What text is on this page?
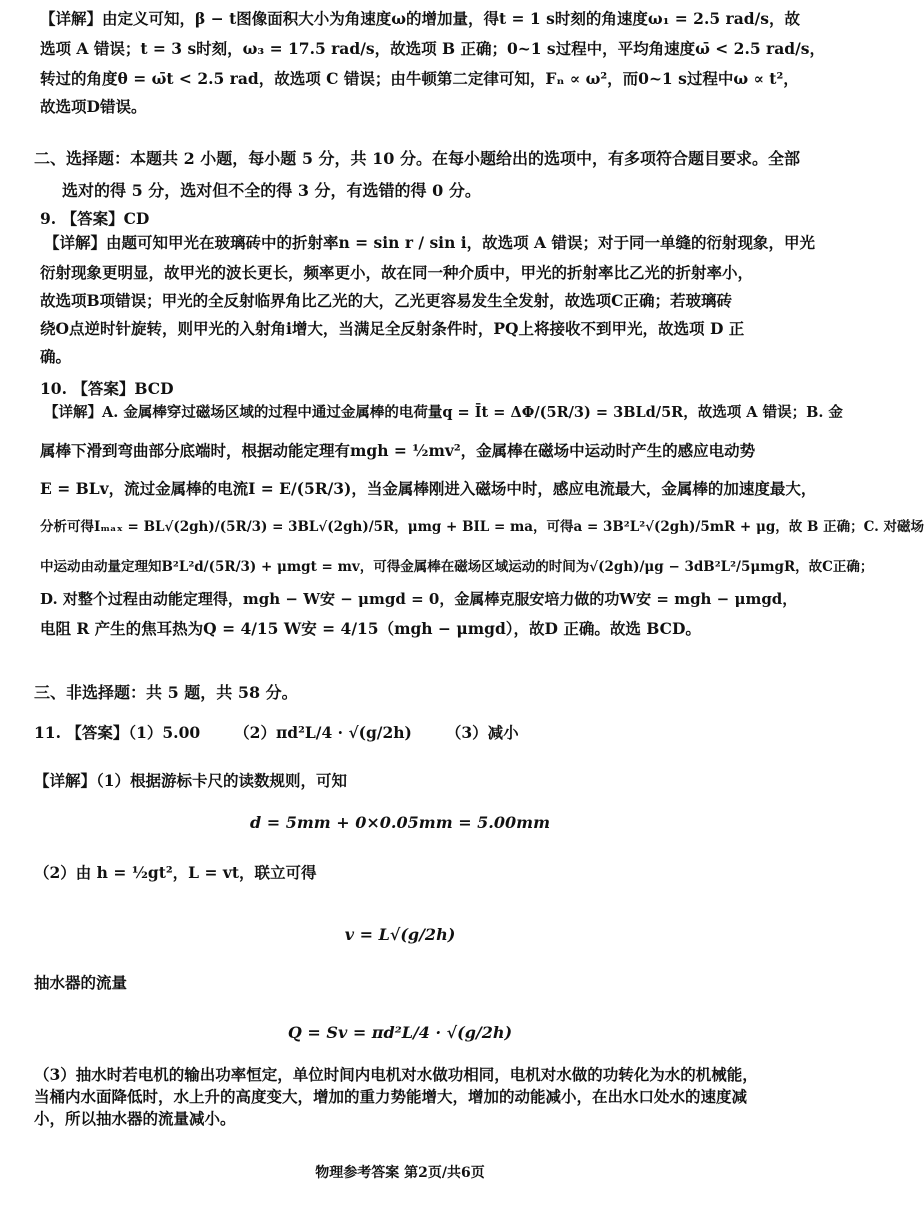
【详解】由定义可知，β − t图像面积大小为角速度ω的增加量，得t = 1 s时刻的角速度ω₁ = 2.5 rad/s，故
选项 A 错误；t = 3 s时刻，ω₃ = 17.5 rad/s，故选项 B 正确；0~1 s过程中，平均角速度ω̄ < 2.5 rad/s，
转过的角度θ = ω̄t < 2.5 rad，故选项 C 错误；由牛顿第二定律可知，Fₙ ∝ ω²，而0~1 s过程中ω ∝ t²，
故选项D错误。
二、选择题：本题共 2 小题，每小题 5 分，共 10 分。在每小题给出的选项中，有多项符合题目要求。全部
选对的得 5 分，选对但不全的得 3 分，有选错的得 0 分。
9. 【答案】CD
【详解】由题可知甲光在玻璃砖中的折射率n = sin r / sin i，故选项 A 错误；对于同一单缝的衍射现象，甲光
衍射现象更明显，故甲光的波长更长，频率更小，故在同一种介质中，甲光的折射率比乙光的折射率小，
故选项B项错误；甲光的全反射临界角比乙光的大，乙光更容易发生全发射，故选项C正确；若玻璃砖
绕O点逆时针旋转，则甲光的入射角i增大，当满足全反射条件时，PQ上将接收不到甲光，故选项 D 正
确。
10. 【答案】BCD
【详解】A. 金属棒穿过磁场区域的过程中通过金属棒的电荷量q = Īt = ΔΦ/(5R/3) = 3BLd/5R，故选项 A 错误；B. 金
属棒下滑到弯曲部分底端时，根据动能定理有mgh = ½mv²，金属棒在磁场中运动时产生的感应电动势
E = BLv，流过金属棒的电流I = E/(5R/3)，当金属棒刚进入磁场中时，感应电流最大，金属棒的加速度最大，
分析可得Iₘₐₓ = BL√(2gh)/(5R/3) = 3BL√(2gh)/5R，μmg + BIL = ma，可得a = 3B²L²√(2gh)/5mR + μg，故 B 正确；C. 对磁场
中运动由动量定理知B²L²d/(5R/3) + μmgt = mv，可得金属棒在磁场区域运动的时间为√(2gh)/μg − 3dB²L²/5μmgR，故C正确；
D. 对整个过程由动能定理得，mgh − W安 − μmgd = 0，金属棒克服安培力做的功W安 = mgh − μmgd，
电阻 R 产生的焦耳热为Q = 4/15 W安 = 4/15（mgh − μmgd），故D 正确。故选 BCD。
三、非选择题：共 5 题，共 58 分。
11. 【答案】（1）5.00 （2）πd²L/4 · √(g/2h) （3）减小
【详解】（1）根据游标卡尺的读数规则，可知
d = 5mm + 0×0.05mm = 5.00mm
（2）由 h = ½gt²，L = vt，联立可得
v = L√(g/2h)
抽水器的流量
Q = Sv = πd²L/4 · √(g/2h)
（3）抽水时若电机的输出功率恒定，单位时间内电机对水做功相同，电机对水做的功转化为水的机械能，
当桶内水面降低时，水上升的高度变大，增加的重力势能增大，增加的动能减小，在出水口处水的速度减
小，所以抽水器的流量减小。
物理参考答案 第2页/共6页
